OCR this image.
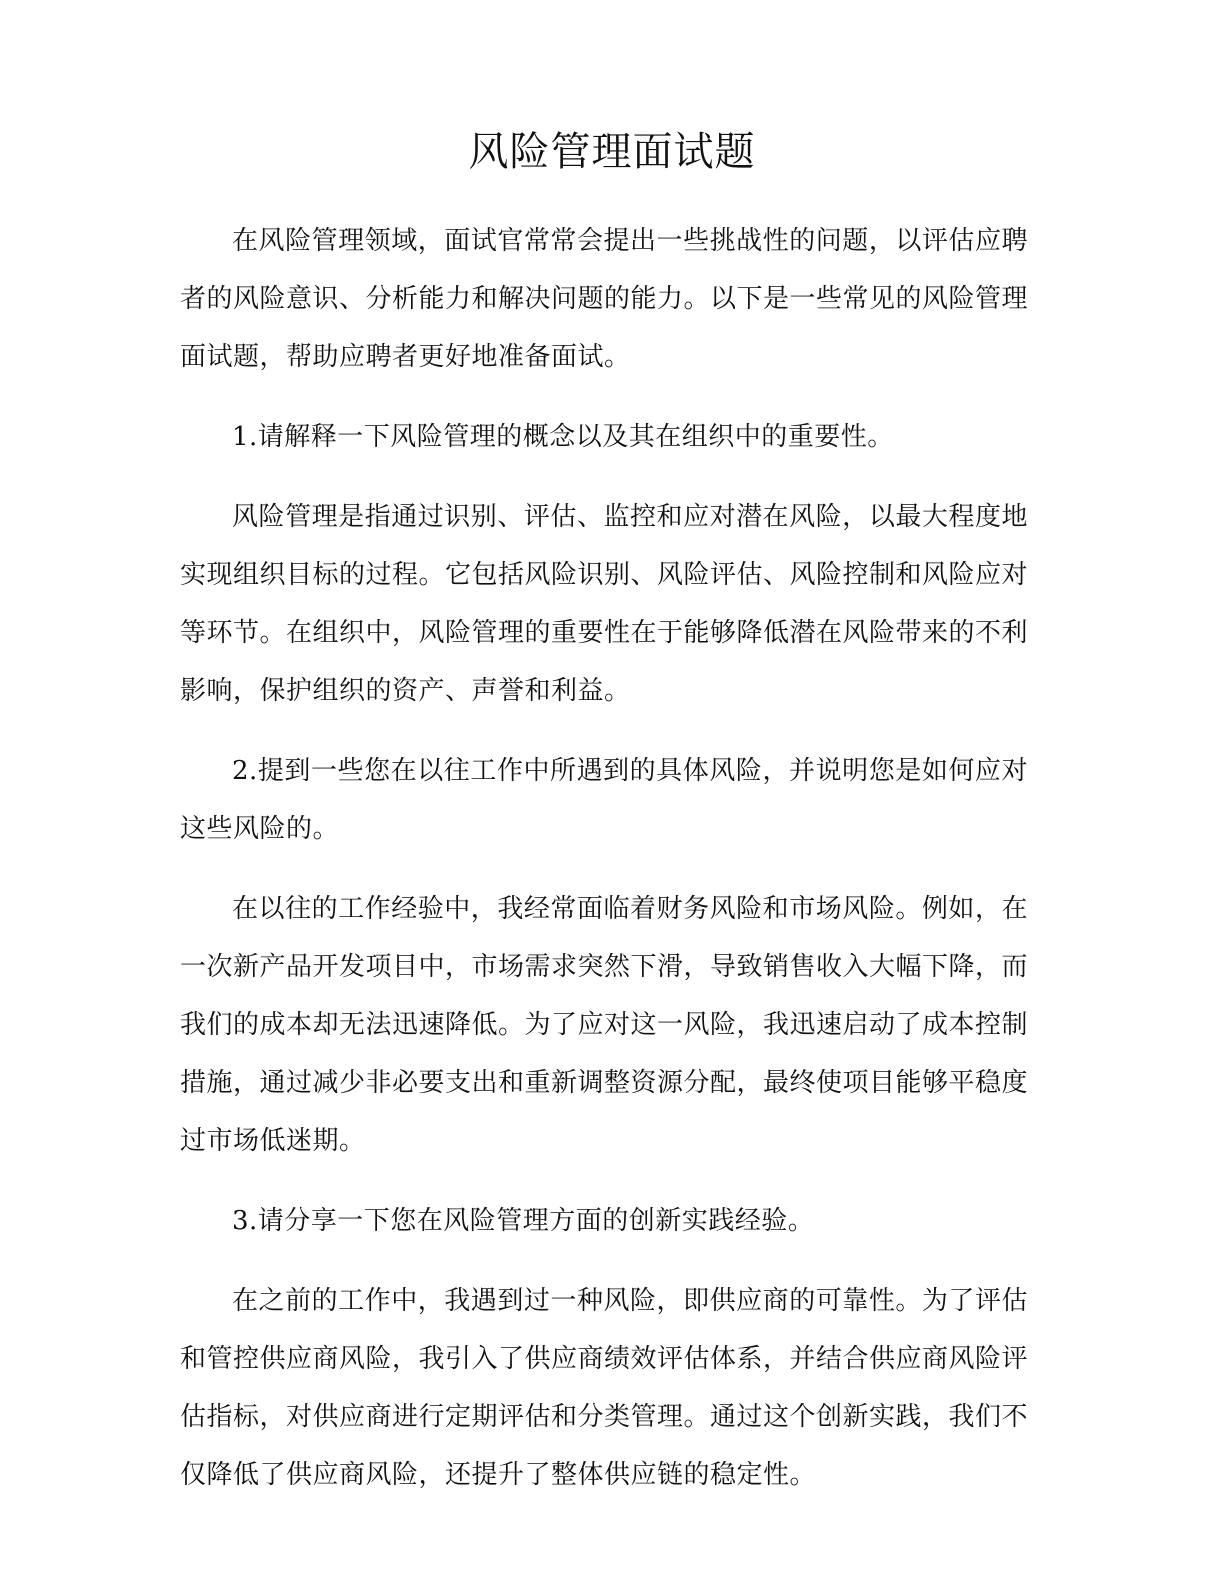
风险管理面试题

在风险管理领域，面试官常常会提出一些挑战性的问题，以评估应聘者的风险意识、分析能力和解决问题的能力。以下是一些常见的风险管理面试题，帮助应聘者更好地准备面试。

1.请解释一下风险管理的概念以及其在组织中的重要性。

风险管理是指通过识别、评估、监控和应对潜在风险，以最大程度地实现组织目标的过程。它包括风险识别、风险评估、风险控制和风险应对等环节。在组织中，风险管理的重要性在于能够降低潜在风险带来的不利影响，保护组织的资产、声誉和利益。

2.提到一些您在以往工作中所遇到的具体风险，并说明您是如何应对这些风险的。

在以往的工作经验中，我经常面临着财务风险和市场风险。例如，在一次新产品开发项目中，市场需求突然下滑，导致销售收入大幅下降，而我们的成本却无法迅速降低。为了应对这一风险，我迅速启动了成本控制措施，通过减少非必要支出和重新调整资源分配，最终使项目能够平稳度过市场低迷期。

3.请分享一下您在风险管理方面的创新实践经验。

在之前的工作中，我遇到过一种风险，即供应商的可靠性。为了评估和管控供应商风险，我引入了供应商绩效评估体系，并结合供应商风险评估指标，对供应商进行定期评估和分类管理。通过这个创新实践，我们不仅降低了供应商风险，还提升了整体供应链的稳定性。
